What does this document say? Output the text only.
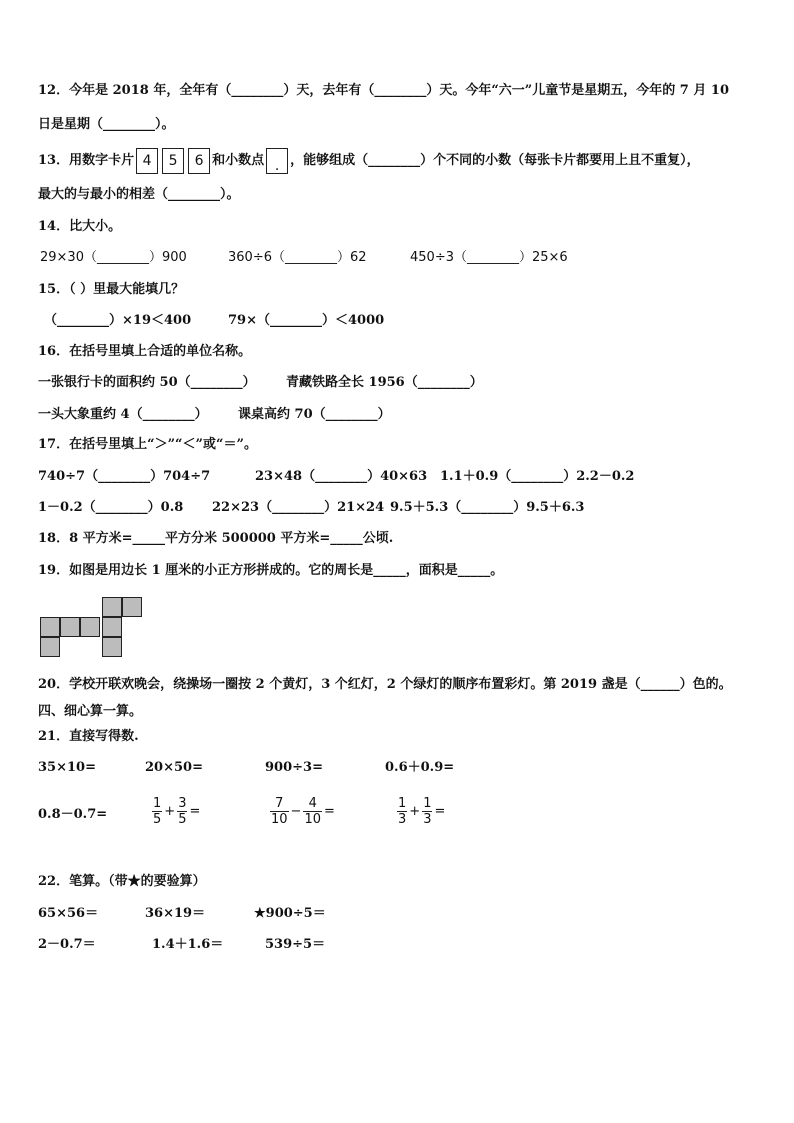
12．今年是 2018 年，全年有（________）天，去年有（________）天。今年“六一”儿童节是星期五，今年的 7 月 10
日是星期（________）。
13．用数字卡片 4 5 6 和小数点 . ，能够组成（________）个不同的小数（每张卡片都要用上且不重复），
最大的与最小的相差（________）。
14．比大小。
29×30（________）900	360÷6（________）62	450÷3（________）25×6
15．（ ）里最大能填几？
（________）×19＜400	79×（________）＜4000
16．在括号里填上合适的单位名称。
一张银行卡的面积约 50（________） 青藏铁路全长 1956（________）
一头大象重约 4（________） 课桌高约 70（________）
17．在括号里填上“＞”“＜”或“＝”。
740÷7（________）704÷7	23×48（________）40×63 1.1＋0.9（________）2.2－0.2
1－0.2（________）0.8 22×23（________）21×24 9.5＋5.3（________）9.5＋6.3
18．8 平方米=_____平方分米 500000 平方米=_____公顷.
19．如图是用边长 1 厘米的小正方形拼成的。它的周长是_____，面积是_____。
20．学校开联欢晚会，绕操场一圈按 2 个黄灯，3 个红灯，2 个绿灯的顺序布置彩灯。第 2019 盏是（______）色的。
四、细心算一算。
21．直接写得数.
35×10=	20×50=	900÷3=	0.6＋0.9=
0.8－0.7=	$\frac{1}{5} + \frac{3}{5}$ =	$\frac{7}{10} - \frac{4}{10}$ =	$\frac{1}{3} + \frac{1}{3}$ =
22．笔算。（带★的要验算）
65×56＝	36×19＝	★900÷5＝
2－0.7＝	1.4＋1.6＝	539÷5＝
